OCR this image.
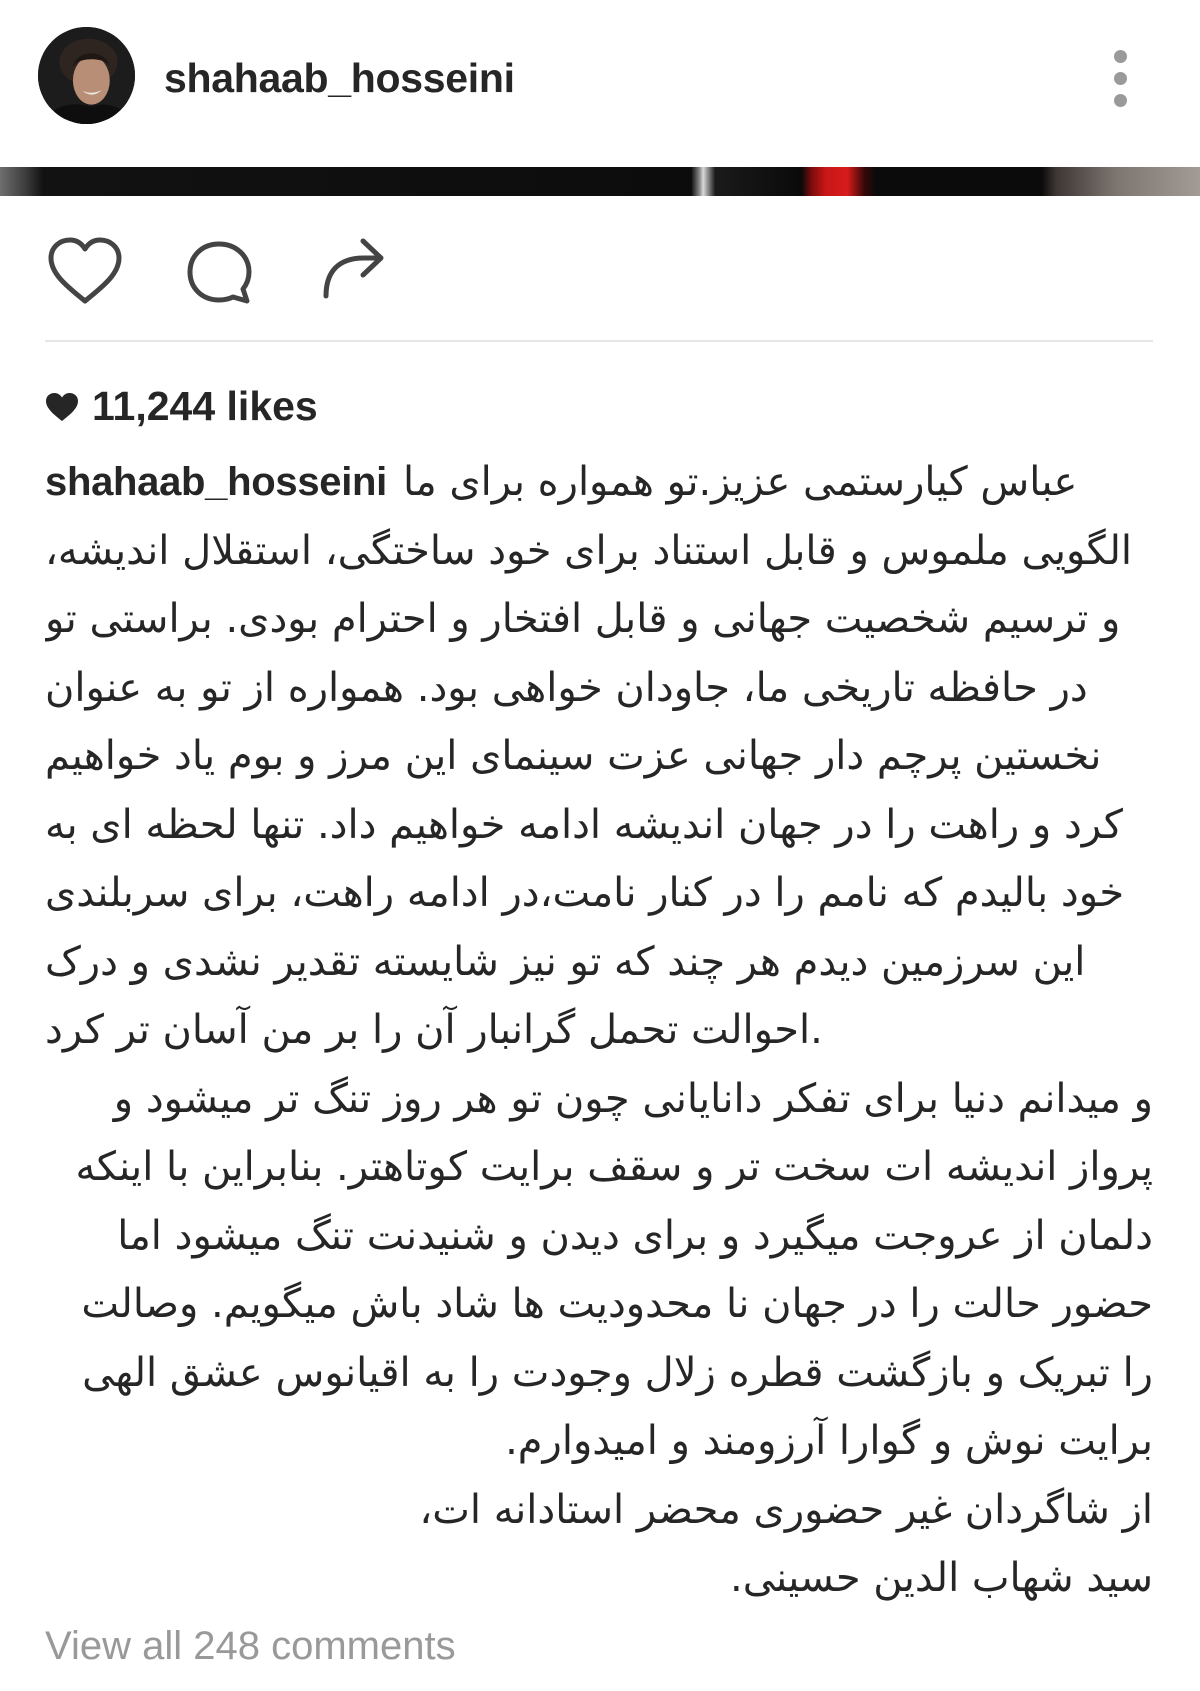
shahaab_hosseini
11,244 likes
shahaab_hosseini عباس کیارستمی عزیز.تو همواره برای ما
الگویی ملموس و قابل استناد برای خود ساختگی، استقلال اندیشه،
و ترسیم شخصیت جهانی و قابل افتخار و احترام بودی. براستی تو
در حافظه تاریخی ما، جاودان خواهی بود. همواره از تو به عنوان
نخستین پرچم دار جهانی عزت سینمای این مرز و بوم یاد خواهیم
کرد و راهت را در جهان اندیشه ادامه خواهیم داد. تنها لحظه ای به
خود بالیدم که نامم را در کنار نامت،در ادامه راهت، برای سربلندی
این سرزمین دیدم هر چند که تو نیز شایسته تقدیر نشدی و درک
.احوالت تحمل گرانبار آن را بر من آسان تر کرد
و میدانم دنیا برای تفکر دانایانی چون تو هر روز تنگ تر میشود و
پرواز اندیشه ات سخت تر و سقف برایت کوتاهتر. بنابراین با اینکه
دلمان از عروجت میگیرد و برای دیدن و شنیدنت تنگ میشود اما
حضور حالت را در جهان نا محدودیت ها شاد باش میگویم. وصالت
را تبریک و بازگشت قطره زلال وجودت را به اقیانوس عشق الهی
برایت نوش و گوارا آرزومند و امیدوارم.
از شاگردان غیر حضوری محضر استادانه ات،
سید شهاب الدین حسینی.
View all 248 comments
